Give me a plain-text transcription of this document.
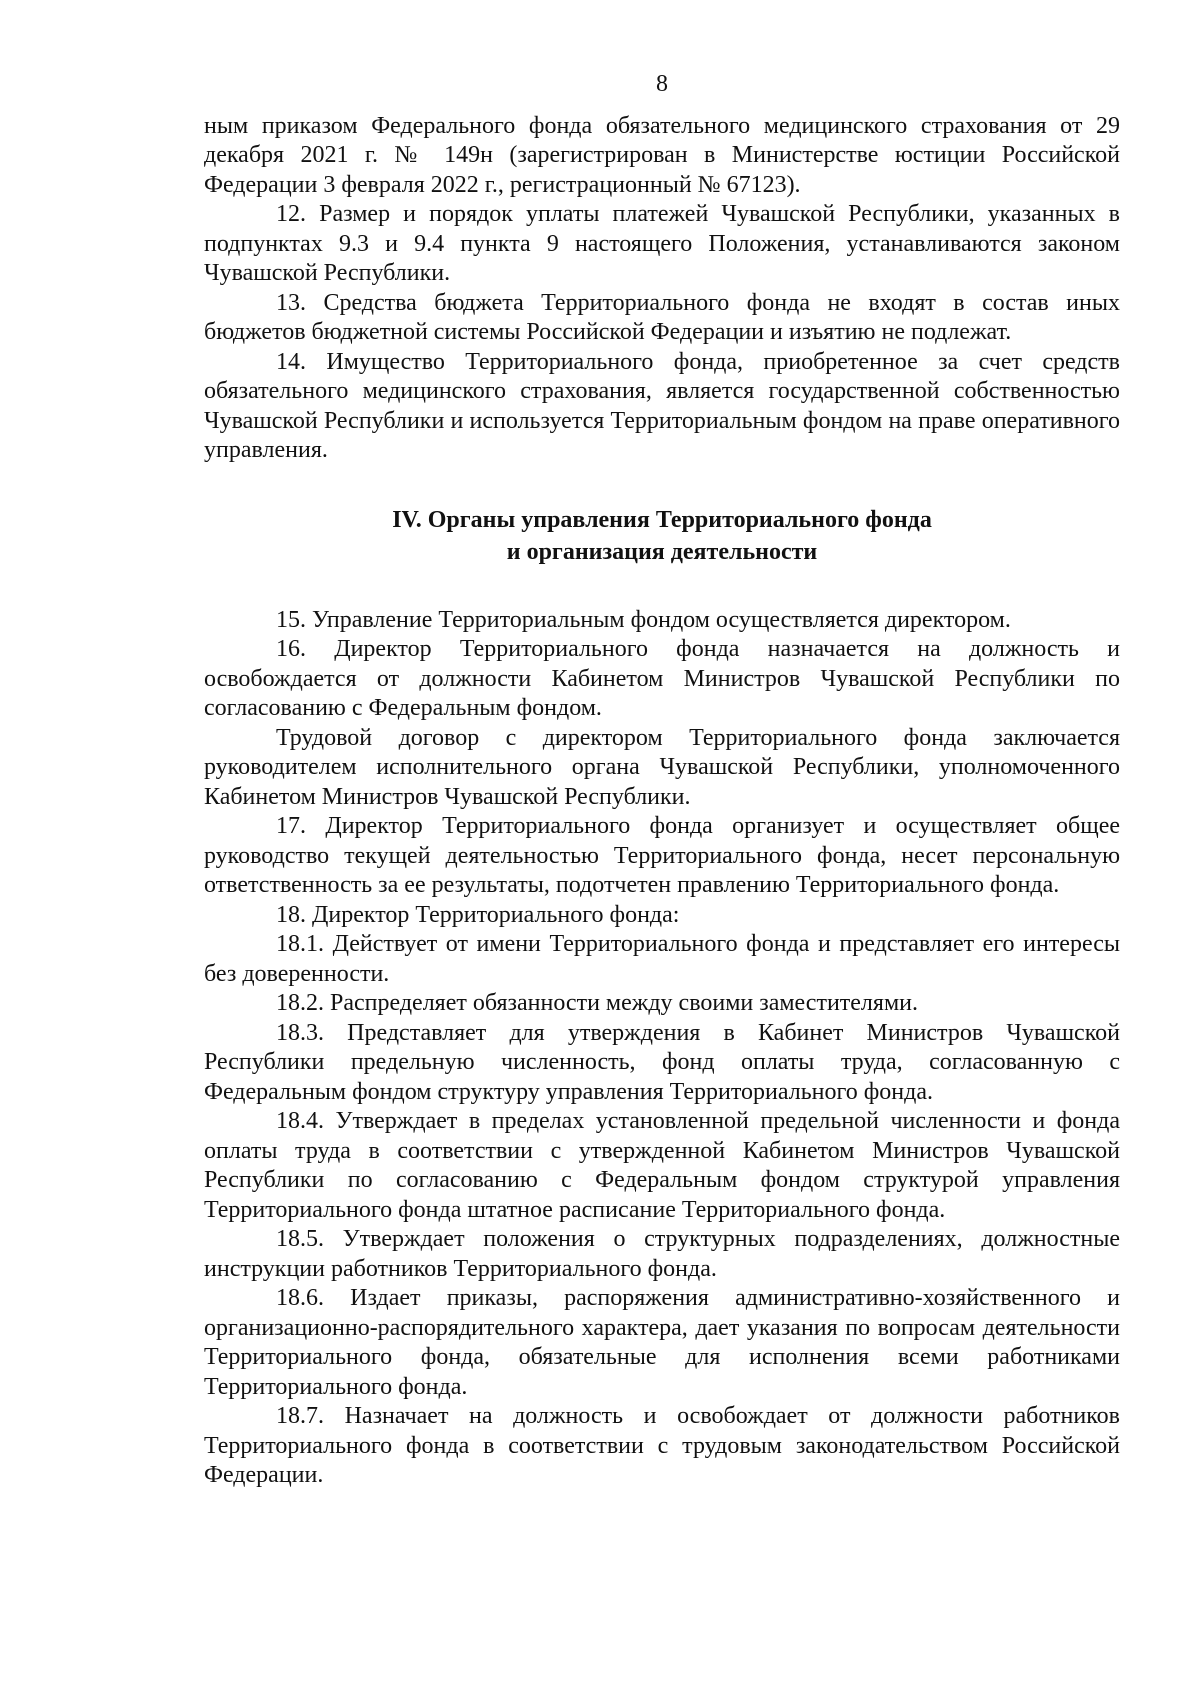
8

ным приказом Федерального фонда обязательного медицинского страхования от 29 декабря 2021 г. № 149н (зарегистрирован в Министерстве юстиции Российской Федерации 3 февраля 2022 г., регистрационный № 67123).

12. Размер и порядок уплаты платежей Чувашской Республики, указанных в подпунктах 9.3 и 9.4 пункта 9 настоящего Положения, устанавливаются законом Чувашской Республики.

13. Средства бюджета Территориального фонда не входят в состав иных бюджетов бюджетной системы Российской Федерации и изъятию не подлежат.

14. Имущество Территориального фонда, приобретенное за счет средств обязательного медицинского страхования, является государственной собственностью Чувашской Республики и используется Территориальным фондом на праве оперативного управления.

IV. Органы управления Территориального фонда
и организация деятельности

15. Управление Территориальным фондом осуществляется директором.

16. Директор Территориального фонда назначается на должность и освобождается от должности Кабинетом Министров Чувашской Республики по согласованию с Федеральным фондом.

Трудовой договор с директором Территориального фонда заключается руководителем исполнительного органа Чувашской Республики, уполномоченного Кабинетом Министров Чувашской Республики.

17. Директор Территориального фонда организует и осуществляет общее руководство текущей деятельностью Территориального фонда, несет персональную ответственность за ее результаты, подотчетен правлению Территориального фонда.

18. Директор Территориального фонда:

18.1. Действует от имени Территориального фонда и представляет его интересы без доверенности.

18.2. Распределяет обязанности между своими заместителями.

18.3. Представляет для утверждения в Кабинет Министров Чувашской Республики предельную численность, фонд оплаты труда, согласованную с Федеральным фондом структуру управления Территориального фонда.

18.4. Утверждает в пределах установленной предельной численности и фонда оплаты труда в соответствии с утвержденной Кабинетом Министров Чувашской Республики по согласованию с Федеральным фондом структурой управления Территориального фонда штатное расписание Территориального фонда.

18.5. Утверждает положения о структурных подразделениях, должностные инструкции работников Территориального фонда.

18.6. Издает приказы, распоряжения административно-хозяйственного и организационно-распорядительного характера, дает указания по вопросам деятельности Территориального фонда, обязательные для исполнения всеми работниками Территориального фонда.

18.7. Назначает на должность и освобождает от должности работников Территориального фонда в соответствии с трудовым законодательством Российской Федерации.
